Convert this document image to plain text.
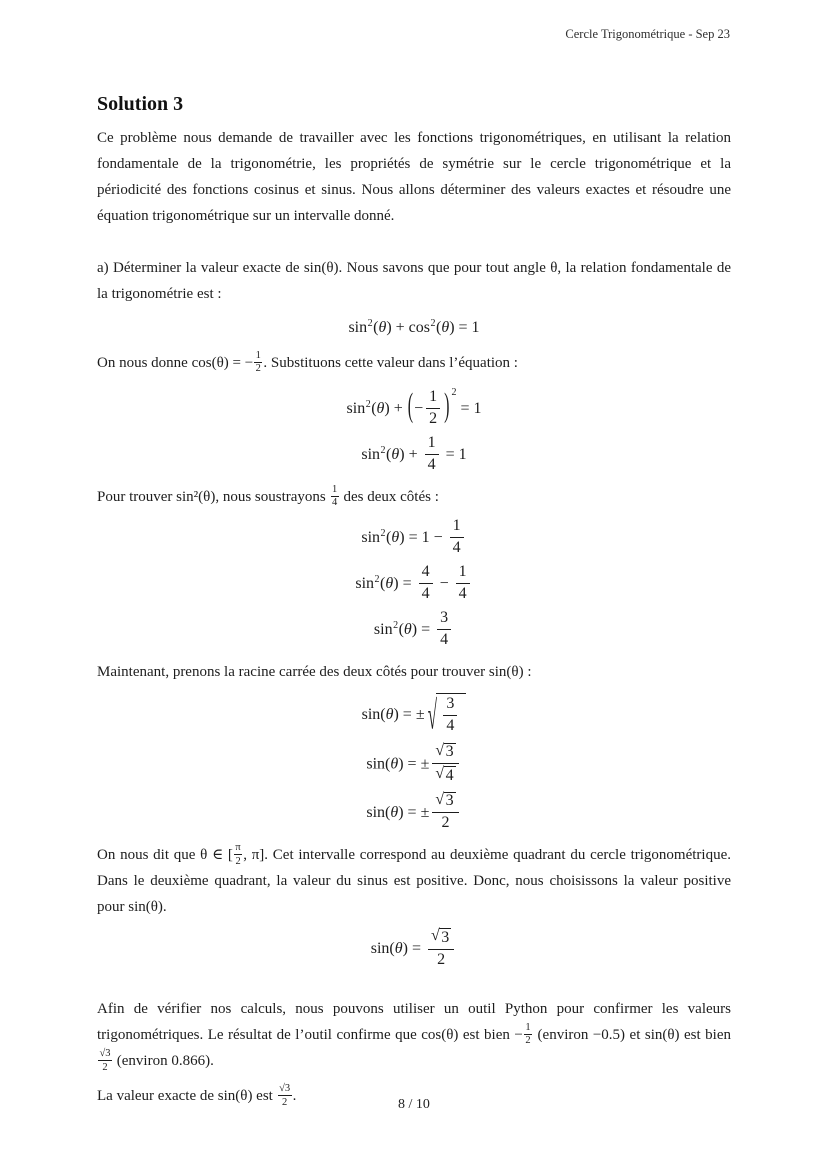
Cercle Trigonométrique - Sep 23
Solution 3

Ce problème nous demande de travailler avec les fonctions trigonométriques, en utilisant la relation fondamentale de la trigonométrie, les propriétés de symétrie sur le cercle trigonométrique et la périodicité des fonctions cosinus et sinus. Nous allons déterminer des valeurs exactes et résoudre une équation trigonométrique sur un intervalle donné.

a) Déterminer la valeur exacte de sin(θ). Nous savons que pour tout angle θ, la relation fondamentale de la trigonométrie est :

$\sin^2(\theta) + \cos^2(\theta) = 1$

On nous donne cos(θ) = − $\frac{1}{2}$ . Substituons cette valeur dans l’équation :

$\sin^2(\theta)$ + (− $\frac{1}{2}$ ) $^2$ = 1
$\sin^2(\theta) + \frac{1}{4} = 1$

Pour trouver sin²(θ), nous soustrayons $\frac{1}{4}$ des deux côtés :

$\sin^2(\theta) = 1 - \frac{1}{4}$
$\sin^2(\theta) = \frac{4}{4} - \frac{1}{4}$
$\sin^2(\theta) = \frac{3}{4}$

Maintenant, prenons la racine carrée des deux côtés pour trouver sin(θ) :

sin(θ) = ± √ $\frac{3}{4}$
sin(θ) = ± $\frac{√ 3}{√ 4}$
sin(θ) = ± $\frac{√ 3}{2}$

On nous dit que θ ∈ [ $\frac{\pi}{2}$ , π]. Cet intervalle correspond au deuxième quadrant du cercle trigonométrique. Dans le deuxième quadrant, la valeur du sinus est positive. Donc, nous choisissons la valeur positive pour sin(θ).

$\sin(\theta) = \frac{√ 3}{2}$

Afin de vérifier nos calculs, nous pouvons utiliser un outil Python pour confirmer les valeurs trigonométriques. Le résultat de l’outil confirme que cos(θ) est bien − $\frac{1}{2}$ (environ −0.5) et sin(θ) est bien
$\frac{√3}{2}$ (environ 0.866).

La valeur exacte de sin(θ) est $\frac{√3}{2}$ .

8 / 10
